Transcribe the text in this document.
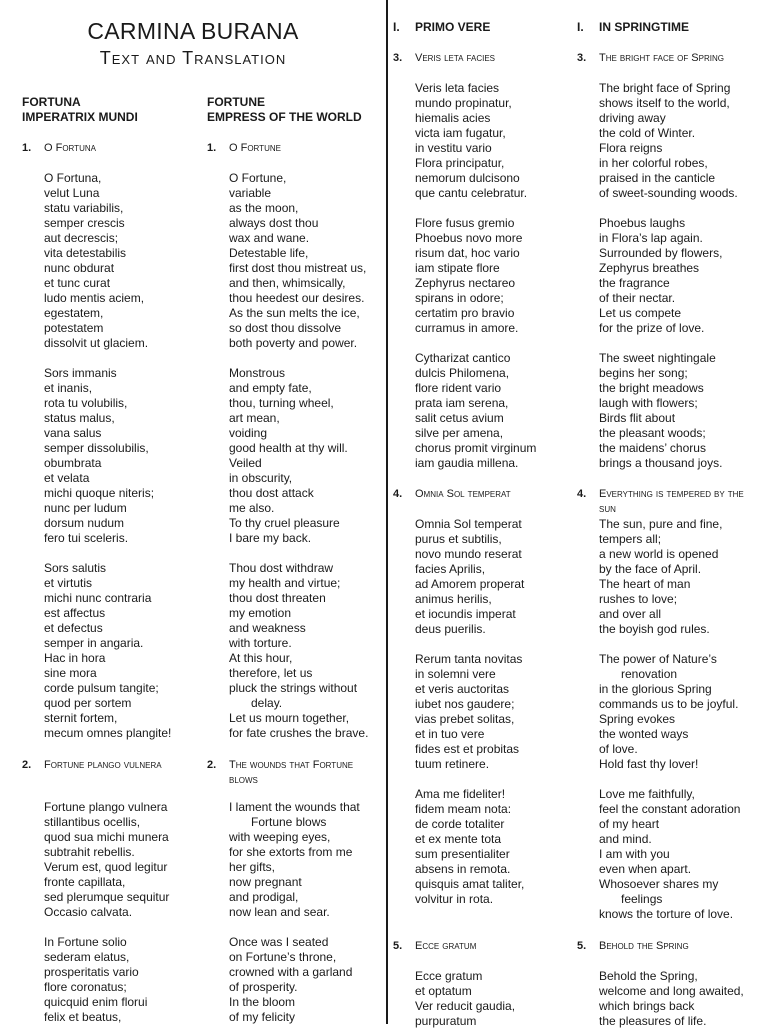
CARMINA BURANA
Text and Translation
FORTUNA
IMPERATRIX MUNDI
1. O Fortuna
O Fortuna,
velut Luna
statu variabilis,
semper crescis
aut decrescis;
vita detestabilis
nunc obdurat
et tunc curat
ludo mentis aciem,
egestatem,
potestatem
dissolvit ut glaciem.
Sors immanis
et inanis,
rota tu volubilis,
status malus,
vana salus
semper dissolubilis,
obumbrata
et velata
michi quoque niteris;
nunc per ludum
dorsum nudum
fero tui sceleris.
Sors salutis
et virtutis
michi nunc contraria
est affectus
et defectus
semper in angaria.
Hac in hora
sine mora
corde pulsum tangite;
quod per sortem
sternit fortem,
mecum omnes plangite!
2. Fortune plango vulnera
Fortune plango vulnera
stillantibus ocellis,
quod sua michi munera
subtrahit rebellis.
Verum est, quod legitur
fronte capillata,
sed plerumque sequitur
Occasio calvata.
In Fortune solio
sederam elatus,
prosperitatis vario
flore coronatus;
quicquid enim florui
felix et beatus,
FORTUNE
EMPRESS OF THE WORLD
1. O Fortune
O Fortune,
variable
as the moon,
always dost thou
wax and wane.
Detestable life,
first dost thou mistreat us,
and then, whimsically,
thou heedest our desires.
As the sun melts the ice,
so dost thou dissolve
both poverty and power.
Monstrous
and empty fate,
thou, turning wheel,
art mean,
voiding
good health at thy will.
Veiled
in obscurity,
thou dost attack
me also.
To thy cruel pleasure
I bare my back.
Thou dost withdraw
my health and virtue;
thou dost threaten
my emotion
and weakness
with torture.
At this hour,
therefore, let us
pluck the strings without
delay.
Let us mourn together,
for fate crushes the brave.
2. The wounds that Fortune blows
I lament the wounds that
Fortune blows
with weeping eyes,
for she extorts from me
her gifts,
now pregnant
and prodigal,
now lean and sear.
Once was I seated
on Fortune’s throne,
crowned with a garland
of prosperity.
In the bloom
of my felicity
I. PRIMO VERE
3. Veris leta facies
Veris leta facies
mundo propinatur,
hiemalis acies
victa iam fugatur,
in vestitu vario
Flora principatur,
nemorum dulcisono
que cantu celebratur.
Flore fusus gremio
Phoebus novo more
risum dat, hoc vario
iam stipate flore
Zephyrus nectareo
spirans in odore;
certatim pro bravio
curramus in amore.
Cytharizat cantico
dulcis Philomena,
flore rident vario
prata iam serena,
salit cetus avium
silve per amena,
chorus promit virginum
iam gaudia millena.
4. Omnia Sol temperat
Omnia Sol temperat
purus et subtilis,
novo mundo reserat
facies Aprilis,
ad Amorem properat
animus herilis,
et iocundis imperat
deus puerilis.
Rerum tanta novitas
in solemni vere
et veris auctoritas
iubet nos gaudere;
vias prebet solitas,
et in tuo vere
fides est et probitas
tuum retinere.
Ama me fideliter!
fidem meam nota:
de corde totaliter
et ex mente tota
sum presentialiter
absens in remota.
quisquis amat taliter,
volvitur in rota.
5. Ecce gratum
Ecce gratum
et optatum
Ver reducit gaudia,
purpuratum
I. IN SPRINGTIME
3. The bright face of Spring
The bright face of Spring
shows itself to the world,
driving away
the cold of Winter.
Flora reigns
in her colorful robes,
praised in the canticle
of sweet-sounding woods.
Phoebus laughs
in Flora’s lap again.
Surrounded by flowers,
Zephyrus breathes
the fragrance
of their nectar.
Let us compete
for the prize of love.
The sweet nightingale
begins her song;
the bright meadows
laugh with flowers;
Birds flit about
the pleasant woods;
the maidens’ chorus
brings a thousand joys.
4. Everything is tempered by the sun
The sun, pure and fine,
tempers all;
a new world is opened
by the face of April.
The heart of man
rushes to love;
and over all
the boyish god rules.
The power of Nature’s
renovation
in the glorious Spring
commands us to be joyful.
Spring evokes
the wonted ways
of love.
Hold fast thy lover!
Love me faithfully,
feel the constant adoration
of my heart
and mind.
I am with you
even when apart.
Whosoever shares my
feelings
knows the torture of love.
5. Behold the Spring
Behold the Spring,
welcome and long awaited,
which brings back
the pleasures of life.
